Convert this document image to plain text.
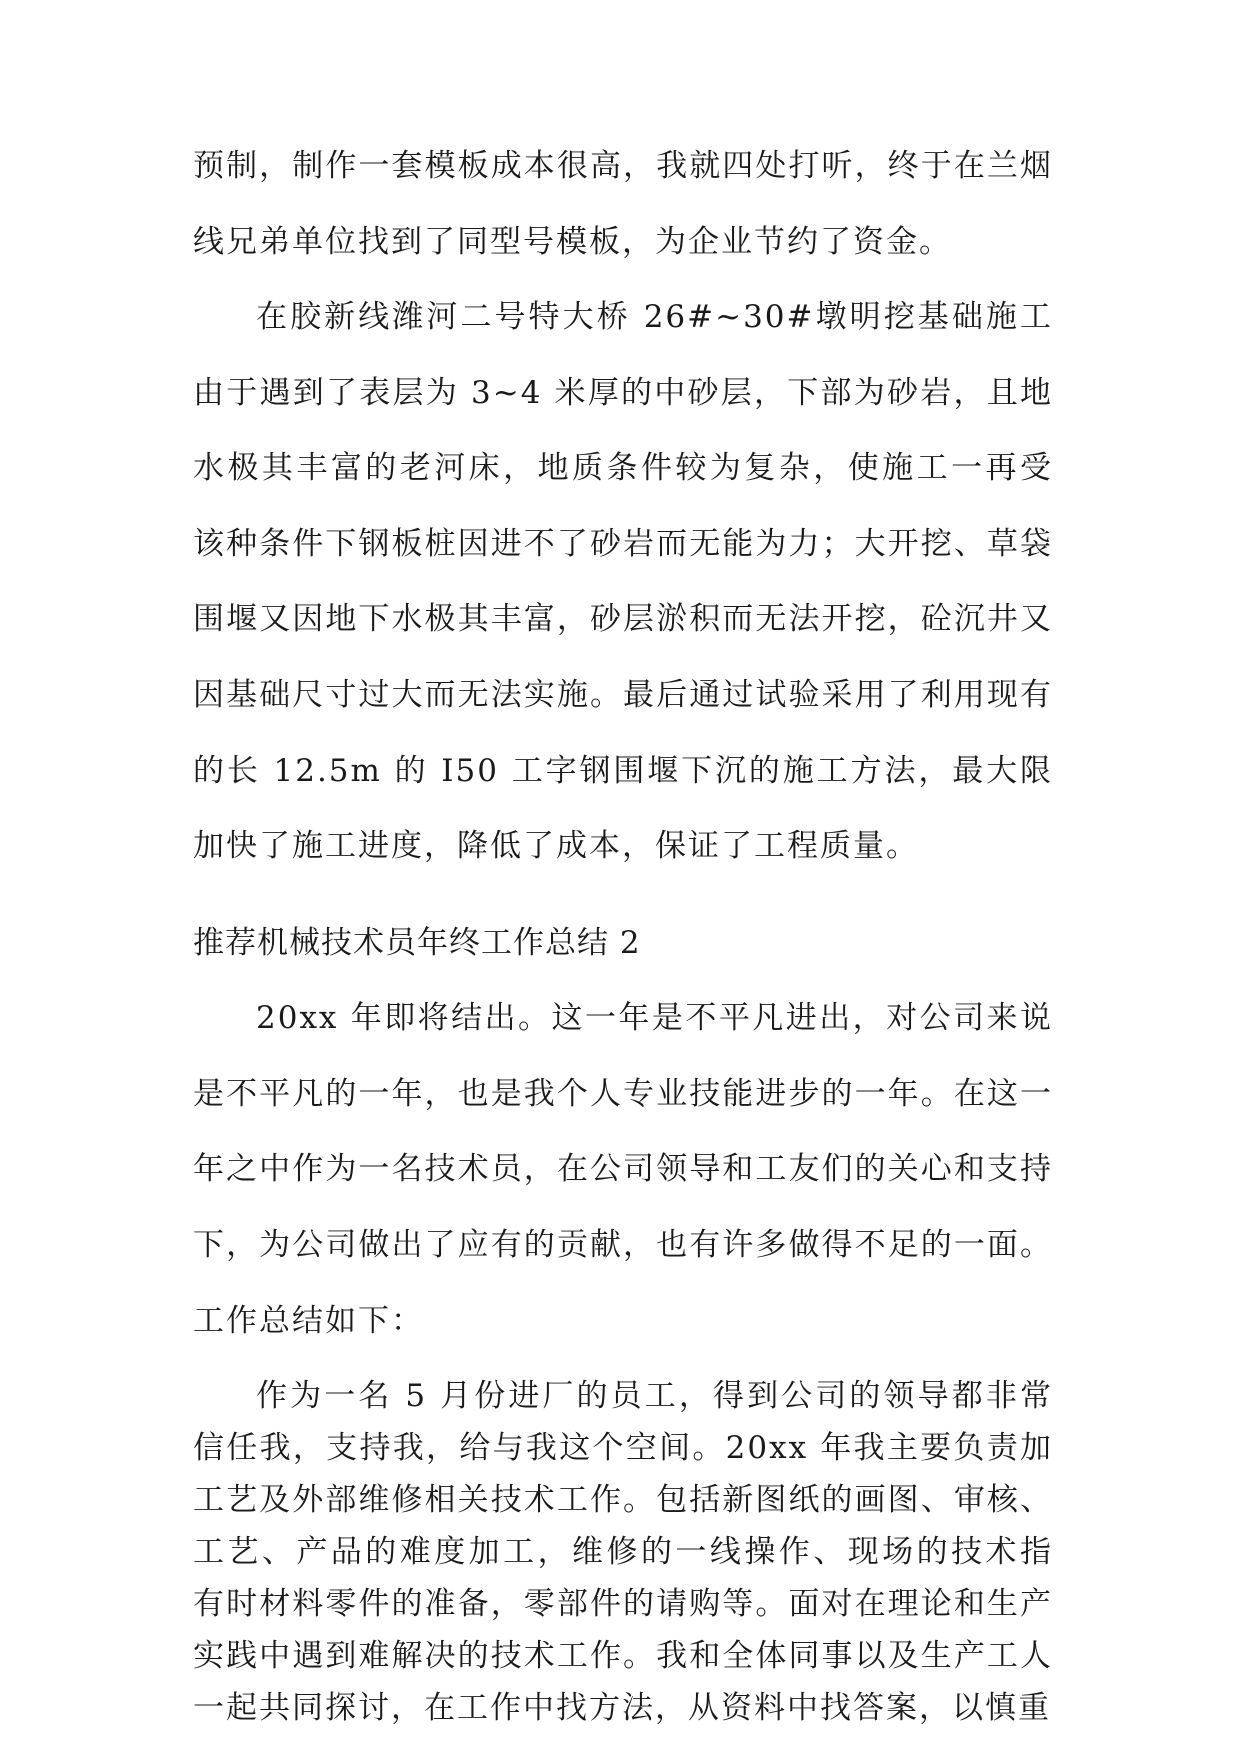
预制，制作一套模板成本很高，我就四处打听，终于在兰烟
线兄弟单位找到了同型号模板，为企业节约了资金。
在胶新线潍河二号特大桥 26#~30#墩明挖基础施工
由于遇到了表层为 3~4 米厚的中砂层，下部为砂岩，且地
水极其丰富的老河床，地质条件较为复杂，使施工一再受
该种条件下钢板桩因进不了砂岩而无能为力；大开挖、草袋
围堰又因地下水极其丰富，砂层淤积而无法开挖，砼沉井又
因基础尺寸过大而无法实施。最后通过试验采用了利用现有
的长 12.5m 的 I50 工字钢围堰下沉的施工方法，最大限
加快了施工进度，降低了成本，保证了工程质量。
推荐机械技术员年终工作总结 2
20xx 年即将结出。这一年是不平凡进出，对公司来说
是不平凡的一年，也是我个人专业技能进步的一年。在这一
年之中作为一名技术员，在公司领导和工友们的关心和支持
下，为公司做出了应有的贡献，也有许多做得不足的一面。
工作总结如下：
作为一名 5 月份进厂的员工，得到公司的领导都非常
信任我，支持我，给与我这个空间。20xx 年我主要负责加
工艺及外部维修相关技术工作。包括新图纸的画图、审核、
工艺、产品的难度加工，维修的一线操作、现场的技术指
有时材料零件的准备，零部件的请购等。面对在理论和生产
实践中遇到难解决的技术工作。我和全体同事以及生产工人
一起共同探讨，在工作中找方法，从资料中找答案，以慎重
